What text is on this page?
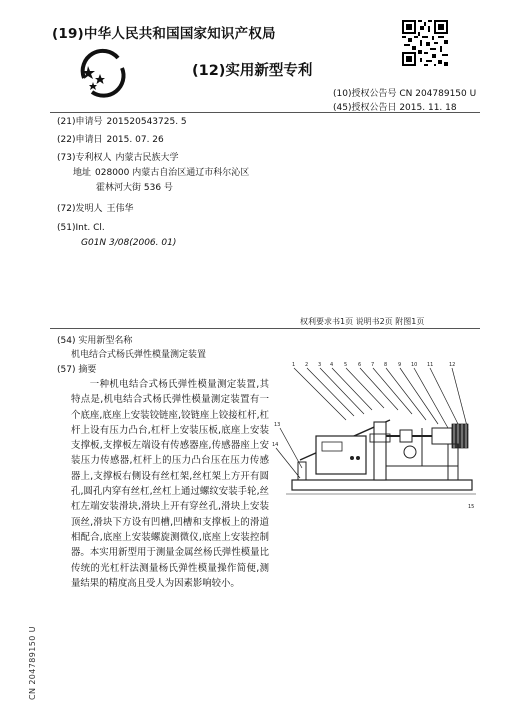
(19)中华人民共和国国家知识产权局
(12)实用新型专利
(10)授权公告号 CN 204789150 U
(45)授权公告日 2015. 11. 18
(21)申请号 201520543725. 5
(22)申请日 2015. 07. 26
(73)专利权人 内蒙古民族大学
地址 028000 内蒙古自治区通辽市科尔沁区
霍林河大街 536 号
(72)发明人 王伟华
(51)Int. Cl.
G01N 3/08(2006. 01)
权利要求书1页 说明书2页 附图1页
(54) 实用新型名称
机电结合式杨氏弹性模量测定装置
(57) 摘要
一种机电结合式杨氏弹性模量测定装置,其特点是,机电结合式杨氏弹性模量测定装置有一个底座,底座上安装铰链座,铰链座上铰接杠杆,杠杆上设有压力凸台,杠杆上安装压板,底座上安装支撑板,支撑板左端设有传感器座,传感器座上安装压力传感器,杠杆上的压力凸台压在压力传感器上,支撑板右侧设有丝杠架,丝杠架上方开有圆孔,圆孔内穿有丝杠,丝杠上通过螺纹安装手轮,丝杠左端安装滑块,滑块上开有穿丝孔,滑块上安装顶丝,滑块下方设有凹槽,凹槽和支撑板上的滑道相配合,底座上安装螺旋测微仪,底座上安装控制器。本实用新型用于测量金属丝杨氏弹性模量比传统的光杠杆法测量杨氏弹性模量操作简便,测量结果的精度高且受人为因素影响较小。
1 2 3 4 5 6 7 8 9 10 11	12
13
14
15
CN 204789150 U
